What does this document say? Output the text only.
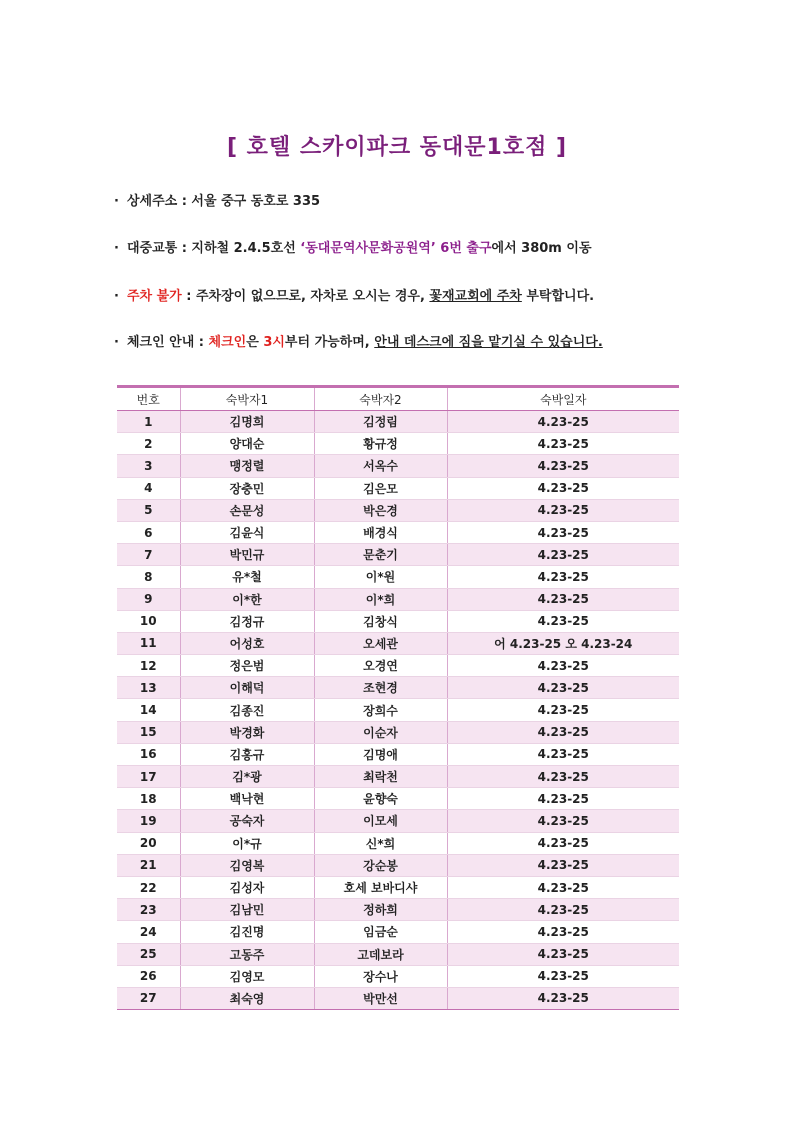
[ 호텔 스카이파크 동대문1호점 ]
· 상세주소 : 서울 중구 동호로 335
· 대중교통 : 지하철 2.4.5호선 ‘동대문역사문화공원역’ 6번 출구에서 380m 이동
· 주차 불가 : 주차장이 없으므로, 자차로 오시는 경우, 꽃재교회에 주차 부탁합니다.
· 체크인 안내 : 체크인은 3시부터 가능하며, 안내 데스크에 짐을 맡기실 수 있습니다.
번호	숙박자1	숙박자2	숙박일자
1	김명희	김정림	4.23-25
2	양대순	황규정	4.23-25
3	맹정렬	서옥수	4.23-25
4	장충민	김은모	4.23-25
5	손문성	박은경	4.23-25
6	김윤식	배경식	4.23-25
7	박민규	문춘기	4.23-25
8	유*철	이*원	4.23-25
9	이*한	이*희	4.23-25
10	김정규	김창식	4.23-25
11	어성호	오세관	어 4.23-25 오 4.23-24
12	정은범	오경연	4.23-25
13	이해덕	조현경	4.23-25
14	김종진	장희수	4.23-25
15	박경화	이순자	4.23-25
16	김홍규	김명애	4.23-25
17	김*광	최락천	4.23-25
18	백낙현	윤향숙	4.23-25
19	공숙자	이모세	4.23-25
20	이*규	신*희	4.23-25
21	김영복	강순봉	4.23-25
22	김성자	호세 보바디샤	4.23-25
23	김남민	정하희	4.23-25
24	김진명	임금순	4.23-25
25	고동주	고데보라	4.23-25
26	김영모	장수나	4.23-25
27	최숙영	박만선	4.23-25
